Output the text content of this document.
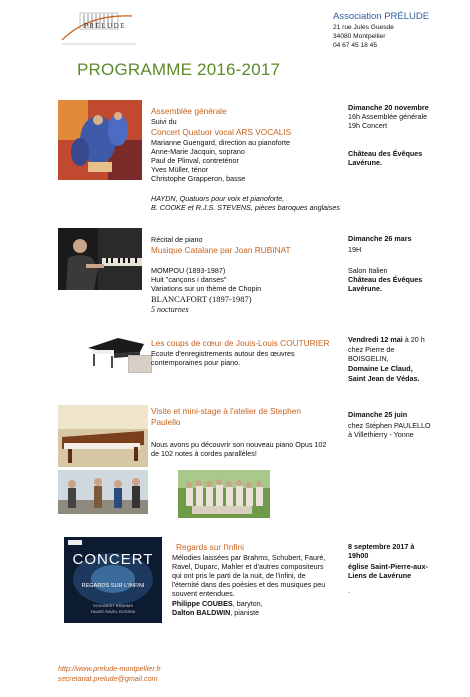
PRÉLUDE
Association PRÉLUDE
21 rue Jules Guesde
34080 Montpellier
04 67 45 18 45
PROGRAMME 2016-2017
Assemblée générale
Suivi du
Concert Quatuor vocal ARS VOCALIS
Marianne Guengard, direction au pianoforte
Anne-Marie Jacquin, soprano
Paul de Plinval, contreténor
Yves Müller, ténor
Christophe Grapperon, basse
HAYDN, Quatuors pour voix et pianoforte,
B. COOKE et R.J.S. STEVENS, pièces baroques anglaises
Dimanche 20 novembre
16h Assemblée générale
19h Concert
Château des Évêques Lavérune.
Récital de piano
Musique Catalane par Joan RUBINAT
MOMPOU (1893-1987)
Huit "cançons i danses"
Variations sur un thème de Chopin
BLANCAFORT (1897-1987)
5 nocturnes
Dimanche 26 mars
19H
Salon Italien
Château des Évêques Lavérune.
Les coups de cœur de Jouis-Louis COUTURIER
Ecoute d'enregistrements autour des œuvres
contemporaines pour piano.
Vendredi 12 mai à 20 h
chez Pierre de
BOISGELIN,
Domaine Le Claud,
Saint Jean de Védas.
Visite et mini-stage à l'atelier de Stephen
Paulello
Nous avons pu découvrir son nouveau piano Opus 102
de 102 notes à cordes parallèles!
Dimanche 25 juin
chez Stéphen PAULELLO
à Villethierry - Yonne
CONCERT
REGARDS SUR L'INFINI
SCHUBERT BRAHMS
FAURÉ RAVEL ROSSINI
Regards sur l'infini
Mélodies laissées par Brahms, Schubert, Fauré,
Ravel, Duparc, Mahler et d'autres compositeurs
qui ont pris le parti de la nuit, de l'infini, de
l'éternité dans des poésies et des musiques peu
souvent entendues.
Philippe COUBES, baryton,
Dalton BALDWIN, pianiste
8 septembre 2017 à
19h00
église Saint-Pierre-aux-
Liens de Lavérune
.
http://www.prelude-montpellier.fr
secretariat.prelude@gmail.com
